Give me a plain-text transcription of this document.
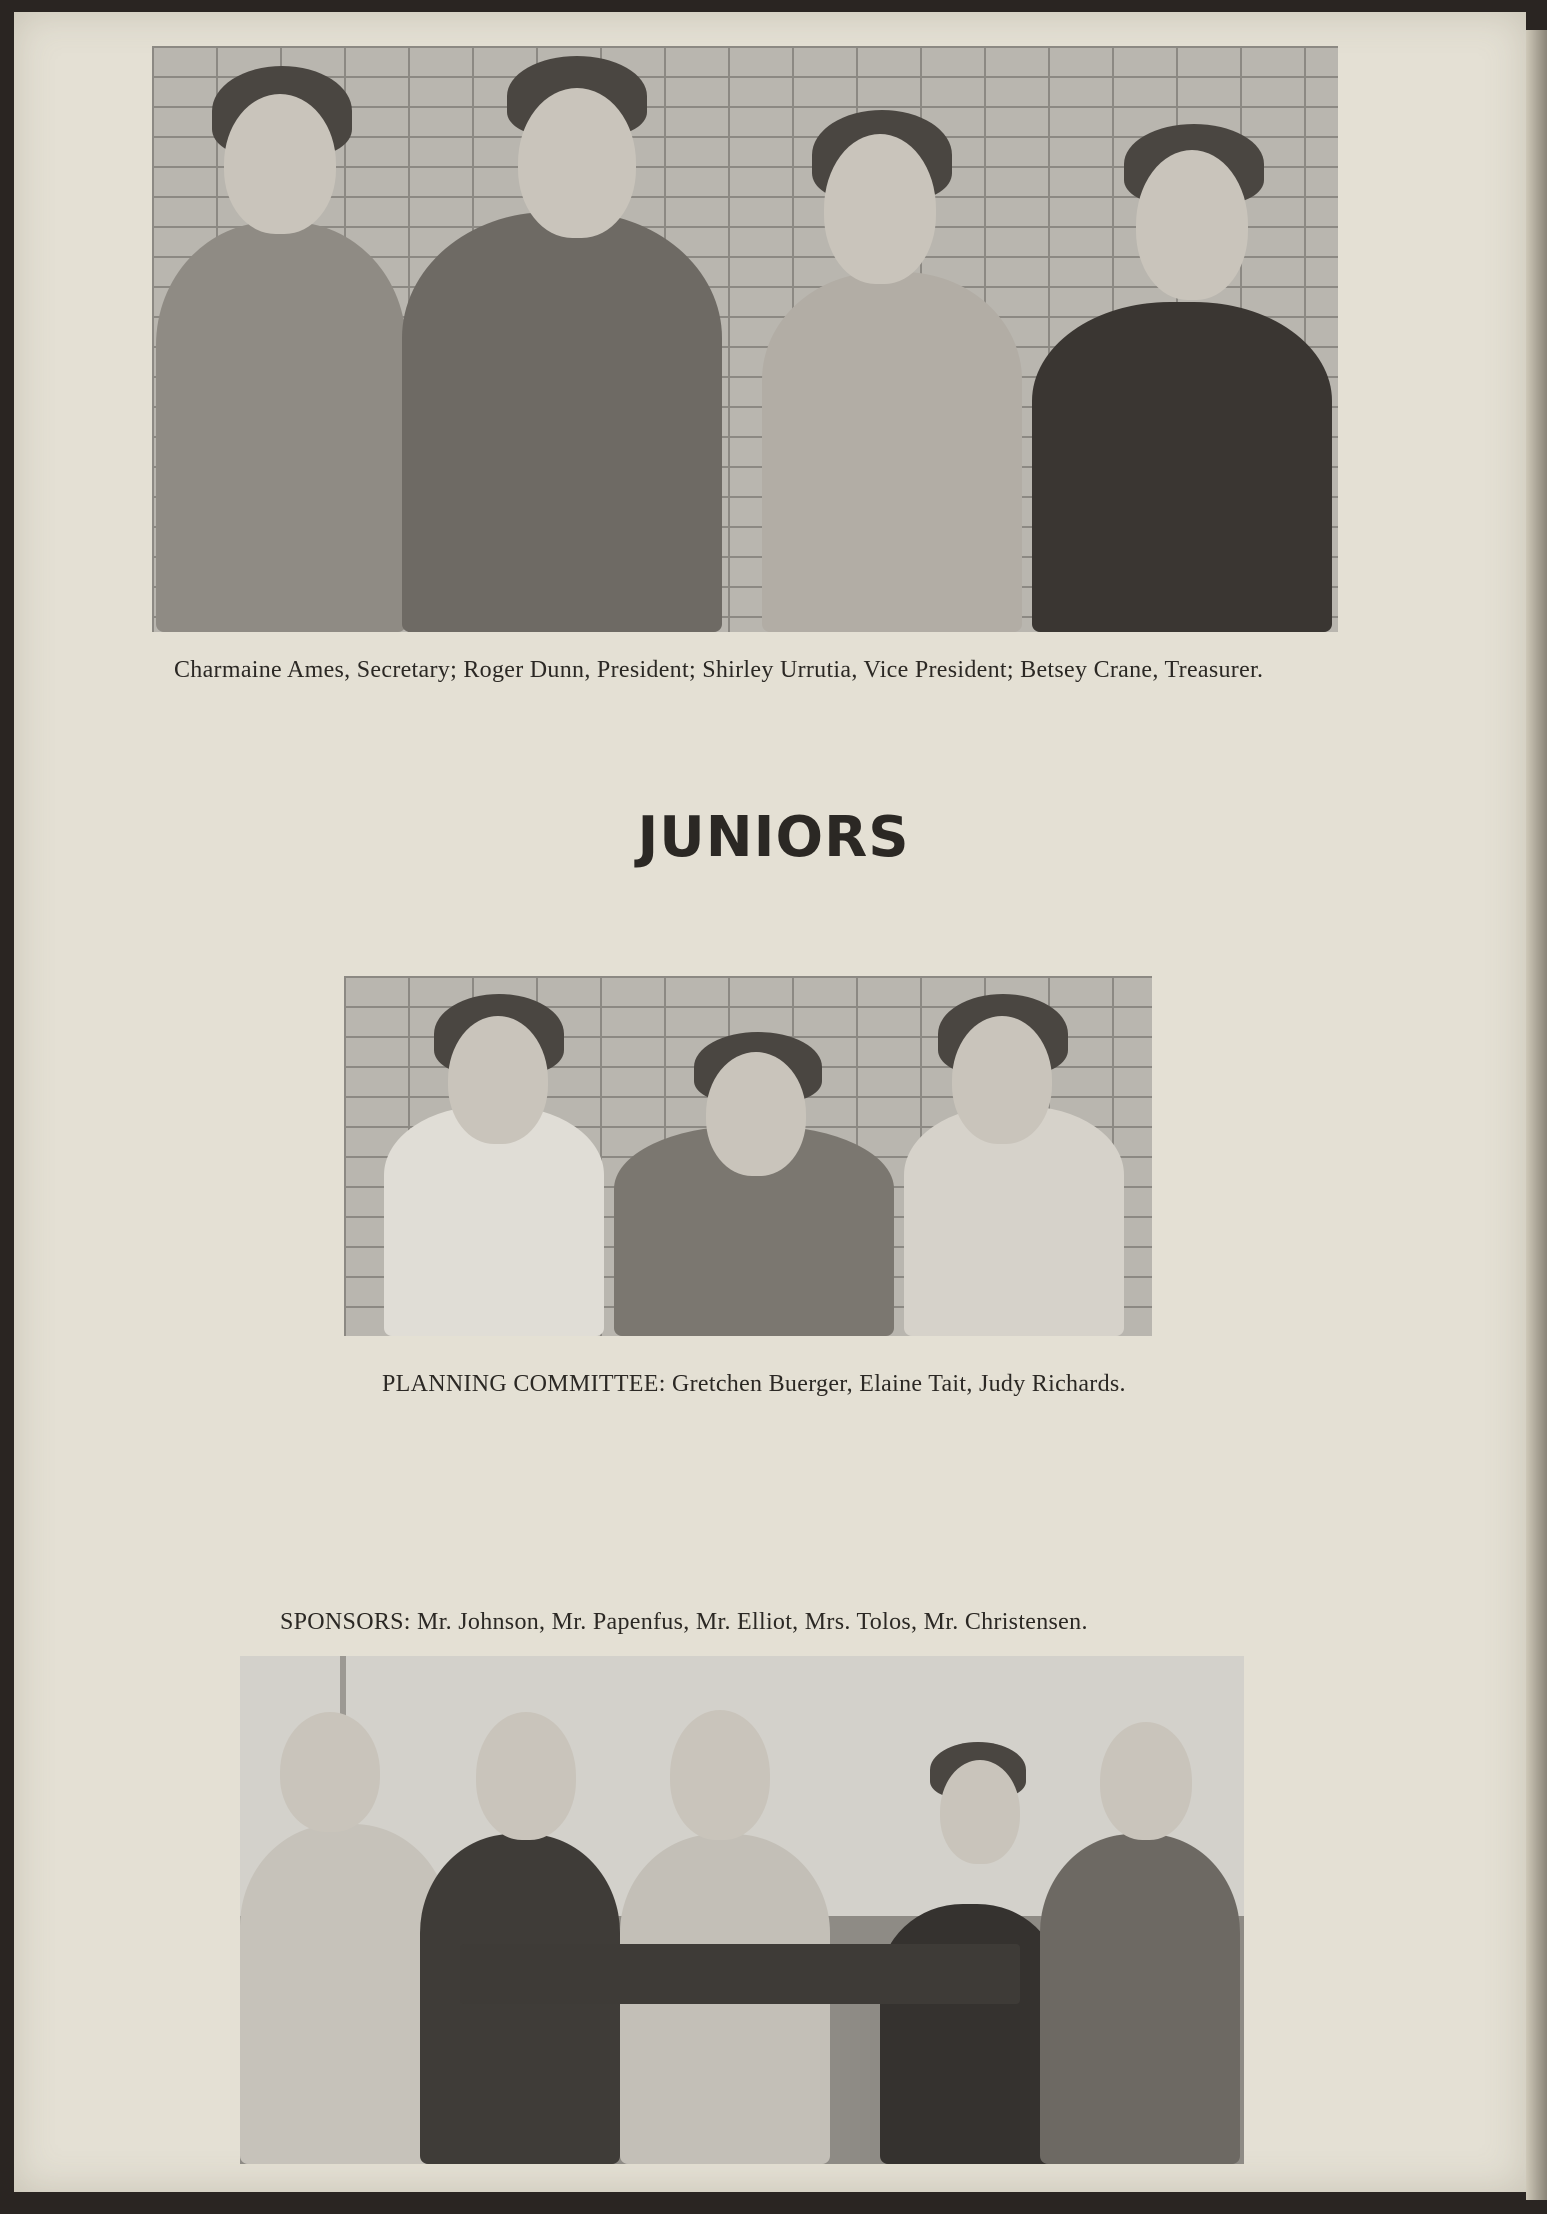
Charmaine Ames, Secretary; Roger Dunn, President; Shirley Urrutia, Vice President; Betsey Crane, Treasurer.

JUNIORS

PLANNING COMMITTEE: Gretchen Buerger, Elaine Tait, Judy Richards.

SPONSORS: Mr. Johnson, Mr. Papenfus, Mr. Elliot, Mrs. Tolos, Mr. Christensen.
